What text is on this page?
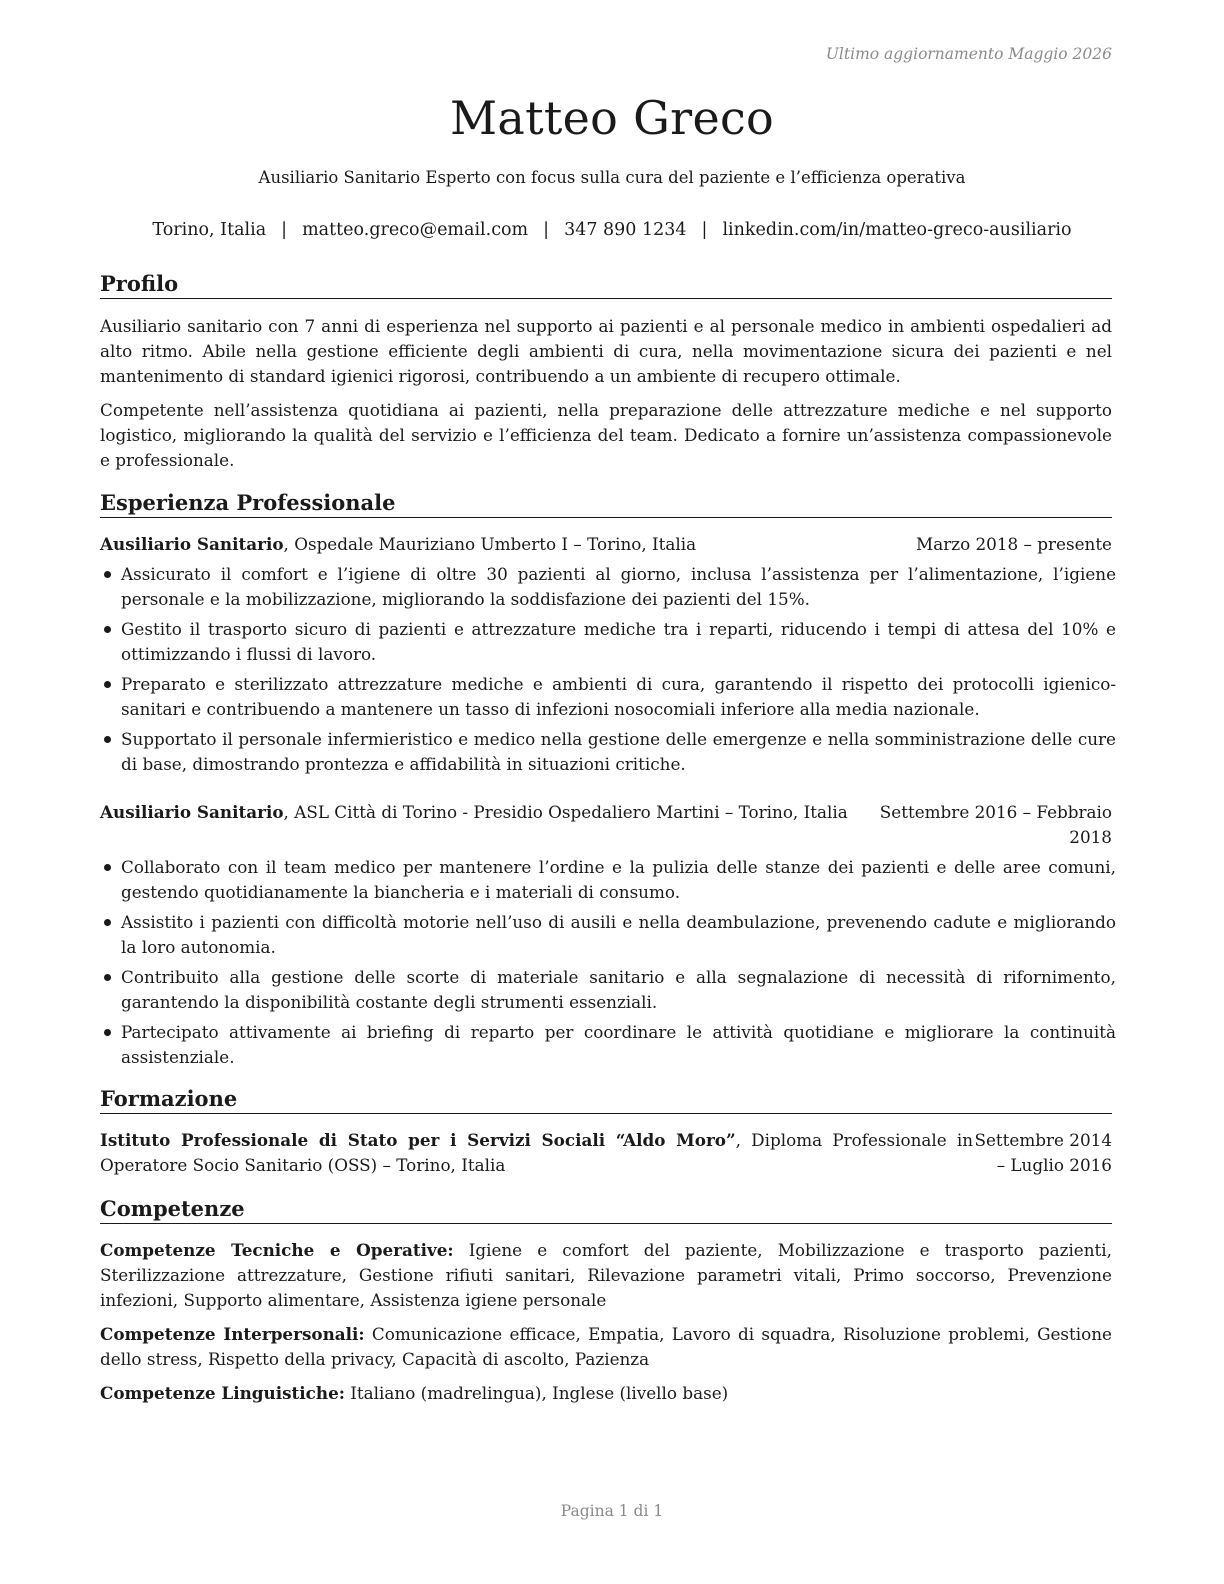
Ultimo aggiornamento Maggio 2026
Matteo Greco
Ausiliario Sanitario Esperto con focus sulla cura del paziente e l’efficienza operativa
Torino, Italia | matteo.greco@email.com | 347 890 1234 | linkedin.com/in/matteo-greco-ausiliario
Profilo

Ausiliario sanitario con 7 anni di esperienza nel supporto ai pazienti e al personale medico in ambienti ospedalieri ad alto ritmo. Abile nella gestione efficiente degli ambienti di cura, nella movimentazione sicura dei pazienti e nel mantenimento di standard igienici rigorosi, contribuendo a un ambiente di recupero ottimale.

Competente nell’assistenza quotidiana ai pazienti, nella preparazione delle attrezzature mediche e nel supporto logistico, migliorando la qualità del servizio e l’efficienza del team. Dedicato a fornire un’assistenza compassionevole e professionale.

Esperienza Professionale
Ausiliario Sanitario, Ospedale Mauriziano Umberto I – Torino, Italia	Marzo 2018 – presente
Assicurato il comfort e l’igiene di oltre 30 pazienti al giorno, inclusa l’assistenza per l’alimentazione, l’igiene personale e la mobilizzazione, migliorando la soddisfazione dei pazienti del 15%.
Gestito il trasporto sicuro di pazienti e attrezzature mediche tra i reparti, riducendo i tempi di attesa del 10% e ottimizzando i flussi di lavoro.
Preparato e sterilizzato attrezzature mediche e ambienti di cura, garantendo il rispetto dei protocolli igienico-sanitari e contribuendo a mantenere un tasso di infezioni nosocomiali inferiore alla media nazionale.
Supportato il personale infermieristico e medico nella gestione delle emergenze e nella somministrazione delle cure di base, dimostrando prontezza e affidabilità in situazioni critiche.
Ausiliario Sanitario, ASL Città di Torino - Presidio Ospedaliero Martini – Torino, Italia	Settembre 2016 – Febbraio 2018
Collaborato con il team medico per mantenere l’ordine e la pulizia delle stanze dei pazienti e delle aree comuni, gestendo quotidianamente la biancheria e i materiali di consumo.
Assistito i pazienti con difficoltà motorie nell’uso di ausili e nella deambulazione, prevenendo cadute e migliorando la loro autonomia.
Contribuito alla gestione delle scorte di materiale sanitario e alla segnalazione di necessità di rifornimento, garantendo la disponibilità costante degli strumenti essenziali.
Partecipato attivamente ai briefing di reparto per coordinare le attività quotidiane e migliorare la continuità assistenziale.
Formazione
Istituto Professionale di Stato per i Servizi Sociali “Aldo Moro”, Diploma Professionale in Operatore Socio Sanitario (OSS) – Torino, Italia
Settembre 2014 – Luglio 2016
Competenze

Competenze Tecniche e Operative: Igiene e comfort del paziente, Mobilizzazione e trasporto pazienti, Sterilizzazione attrezzature, Gestione rifiuti sanitari, Rilevazione parametri vitali, Primo soccorso, Prevenzione infezioni, Supporto alimentare, Assistenza igiene personale

Competenze Interpersonali: Comunicazione efficace, Empatia, Lavoro di squadra, Risoluzione problemi, Gestione dello stress, Rispetto della privacy, Capacità di ascolto, Pazienza

Competenze Linguistiche: Italiano (madrelingua), Inglese (livello base)

Pagina 1 di 1
